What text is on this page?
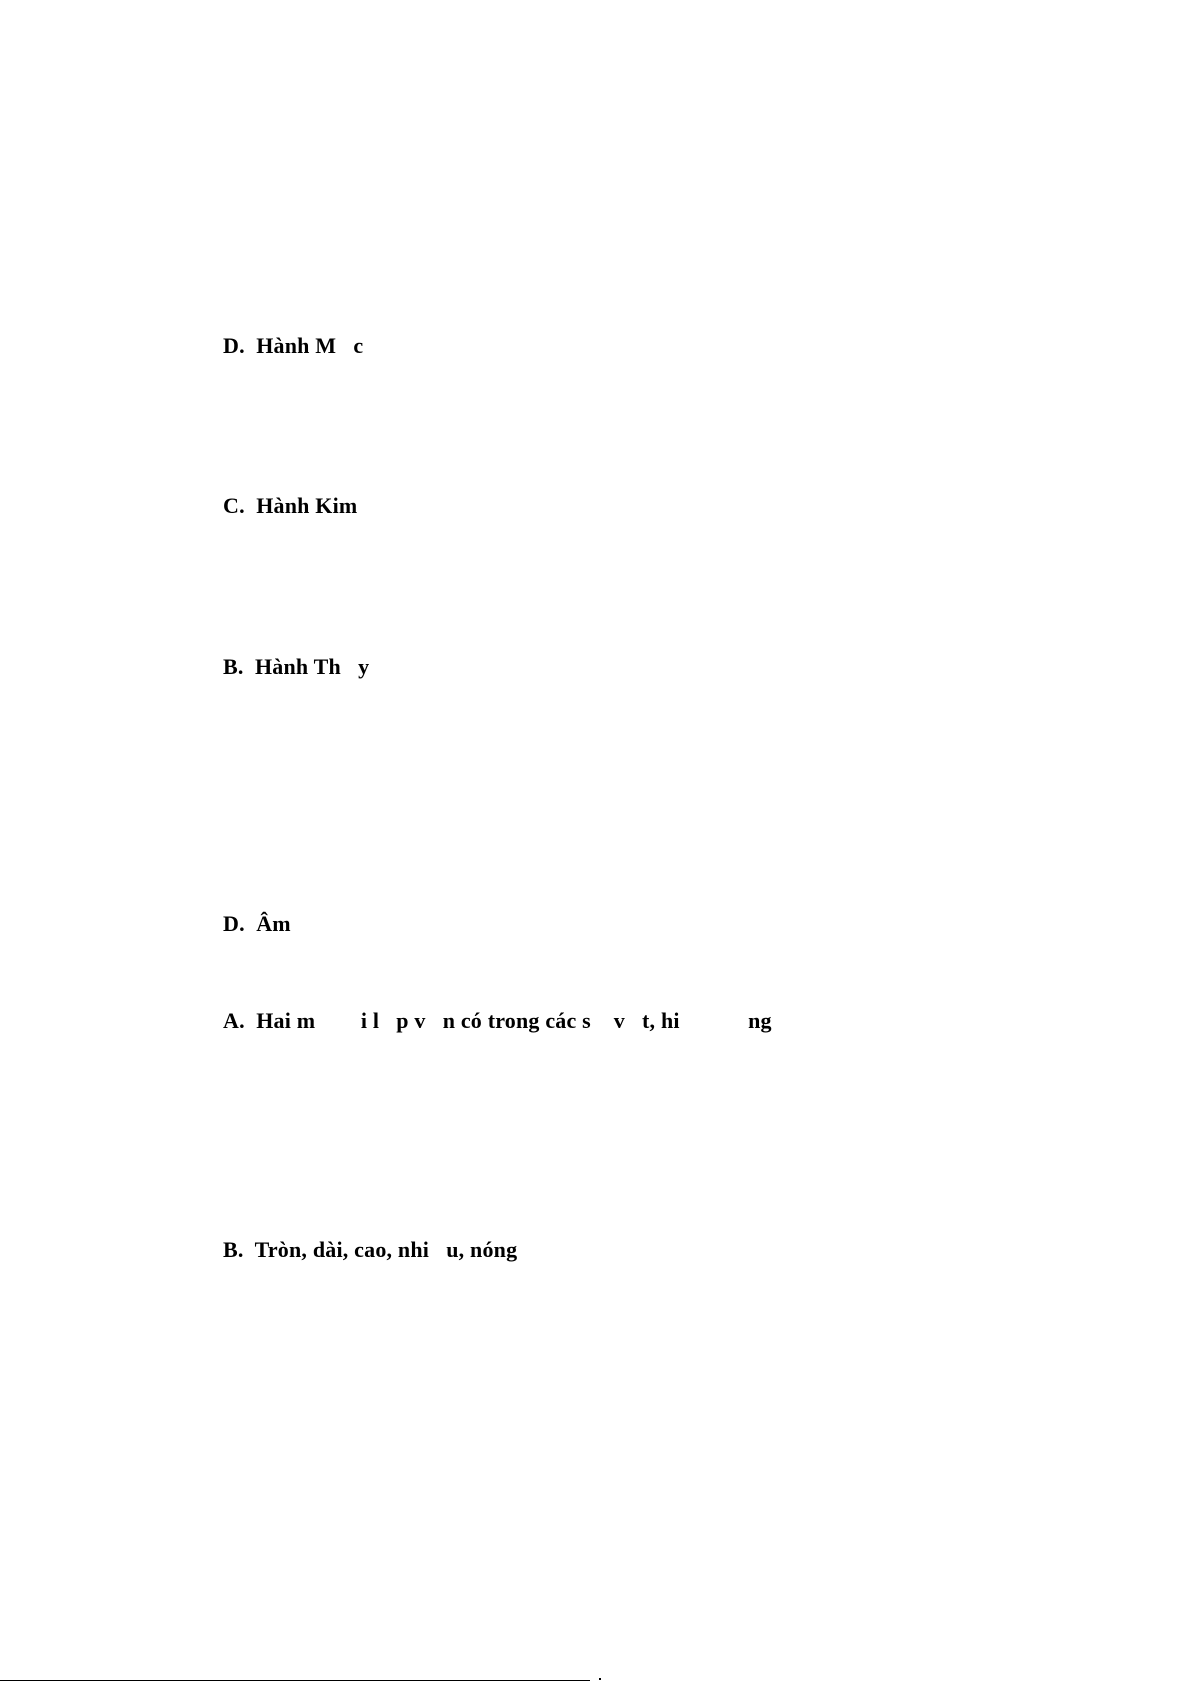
D.  Hành M   c
C.  Hành Kim
B.  Hành Th   y
D.  Âm
A.  Hai m        i l   p v   n có trong các s    v   t, hi            ng
B.  Tròn, dài, cao, nhi   u, nóng
